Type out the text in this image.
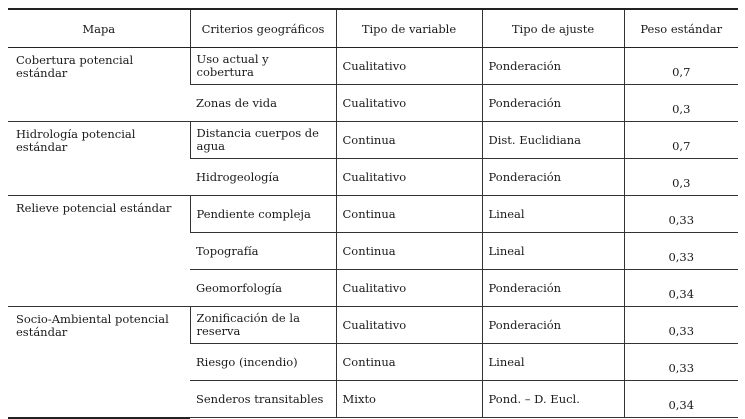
Mapa	Criterios geográficos	Tipo de variable	Tipo de ajuste	Peso estándar
Cobertura potencial estándar	Uso actual y cobertura	Cualitativo	Ponderación	0,7
	Zonas de vida	Cualitativo	Ponderación	0,3
Hidrología potencial estándar	Distancia cuerpos de agua	Continua	Dist. Euclidiana	0,7
	Hidrogeología	Cualitativo	Ponderación	0,3
Relieve potencial estándar	Pendiente compleja	Continua	Lineal	0,33
	Topografía	Continua	Lineal	0,33
	Geomorfología	Cualitativo	Ponderación	0,34
Socio-Ambiental potencial estándar	Zonificación de la reserva	Cualitativo	Ponderación	0,33
	Riesgo (incendio)	Continua	Lineal	0,33
	Senderos transitables	Mixto	Pond. – D. Eucl.	0,34
